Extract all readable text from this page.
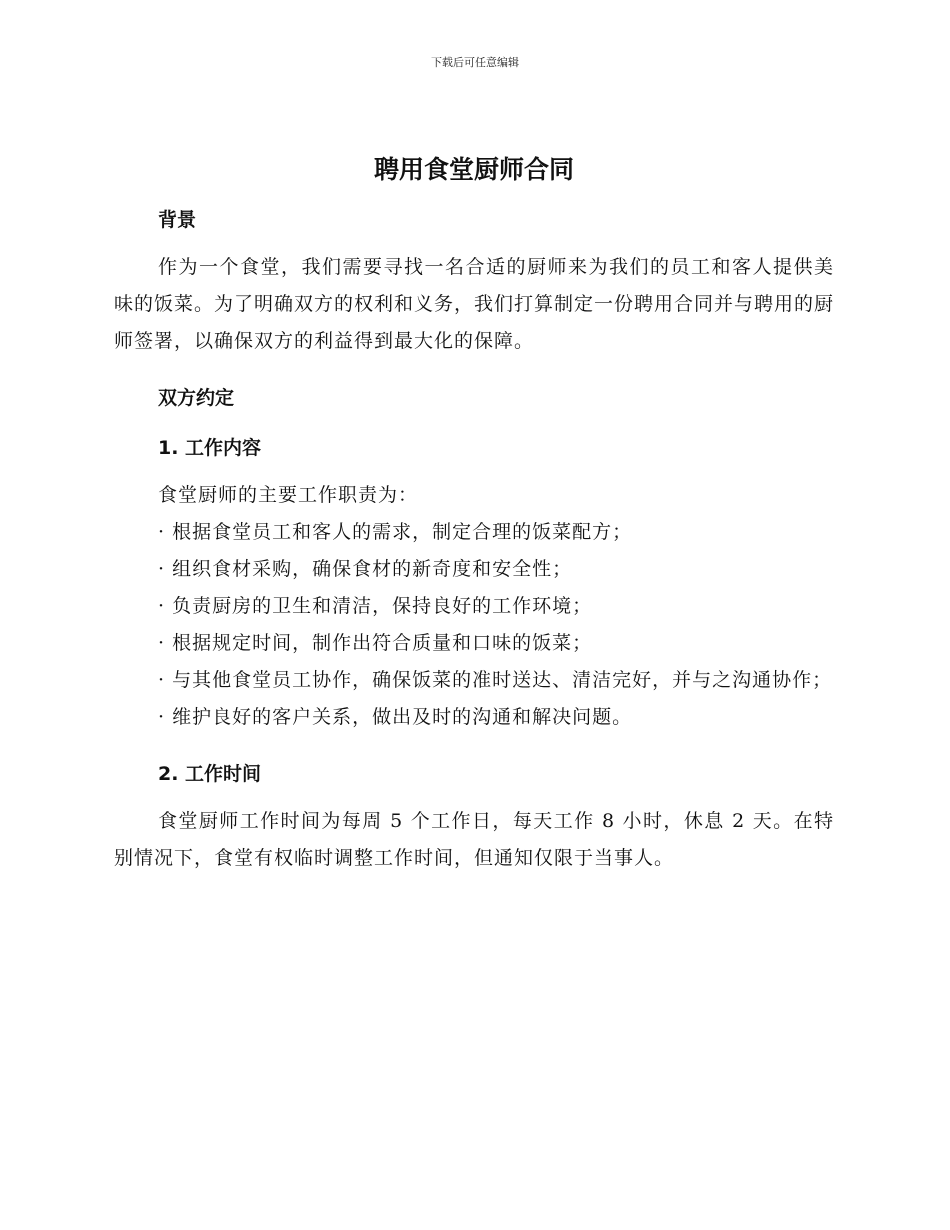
下载后可任意编辑
聘用食堂厨师合同
背景

作为一个食堂，我们需要寻找一名合适的厨师来为我们的员工和客人提供美味的饭菜。为了明确双方的权利和义务，我们打算制定一份聘用合同并与聘用的厨师签署，以确保双方的利益得到最大化的保障。

双方约定
1. 工作内容

食堂厨师的主要工作职责为：

· 根据食堂员工和客人的需求，制定合理的饭菜配方；

· 组织食材采购，确保食材的新奇度和安全性；

· 负责厨房的卫生和清洁，保持良好的工作环境；

· 根据规定时间，制作出符合质量和口味的饭菜；

· 与其他食堂员工协作，确保饭菜的准时送达、清洁完好，并与之沟通协作；

· 维护良好的客户关系，做出及时的沟通和解决问题。

2. 工作时间

食堂厨师工作时间为每周 5 个工作日，每天工作 8 小时，休息 2 天。在特别情况下，食堂有权临时调整工作时间，但通知仅限于当事人。
